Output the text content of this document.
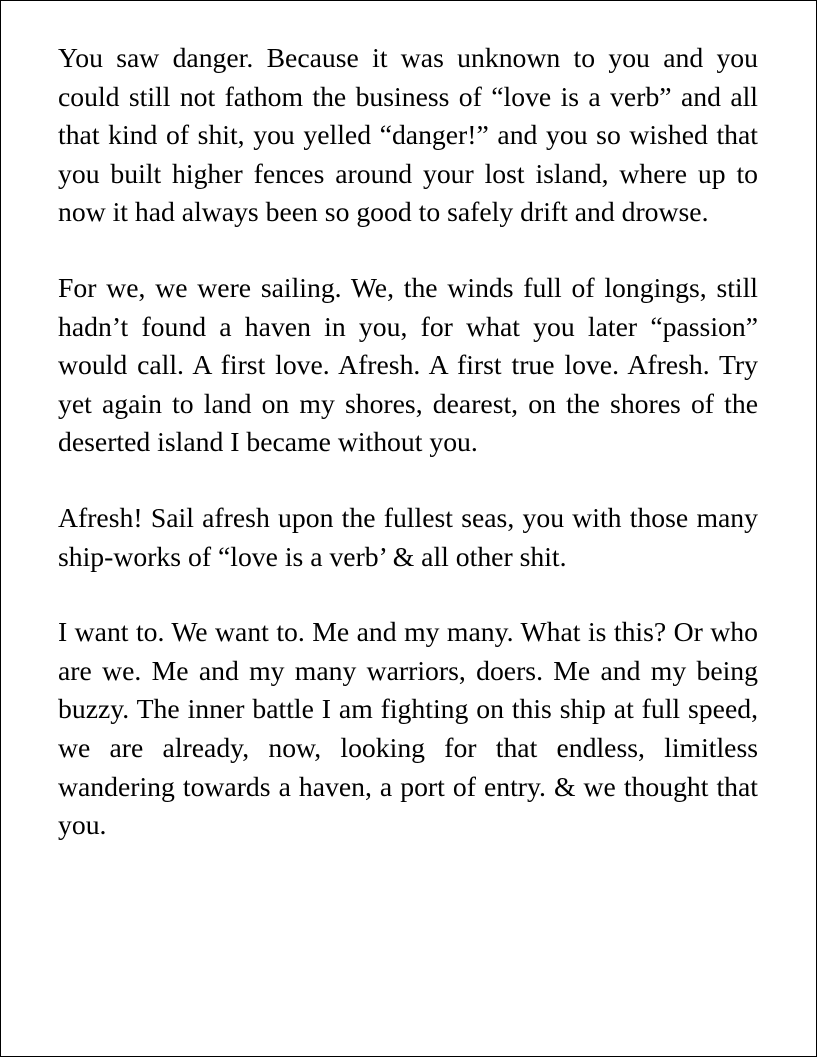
You saw danger. Because it was unknown to you and you could still not fathom the business of “love is a verb” and all that kind of shit, you yelled “danger!” and you so wished that you built higher fences around your lost island, where up to now it had always been so good to safely drift and drowse.

For we, we were sailing. We, the winds full of longings, still hadn’t found a haven in you, for what you later “passion” would call. A first love. Afresh. A first true love. Afresh. Try yet again to land on my shores, dearest, on the shores of the deserted island I became without you.

Afresh! Sail afresh upon the fullest seas, you with those many ship-works of “love is a verb’ & all other shit.

I want to. We want to. Me and my many. What is this? Or who are we. Me and my many warriors, doers. Me and my being buzzy. The inner battle I am fighting on this ship at full speed, we are already, now, looking for that endless, limitless wandering towards a haven, a port of entry. & we thought that you.
